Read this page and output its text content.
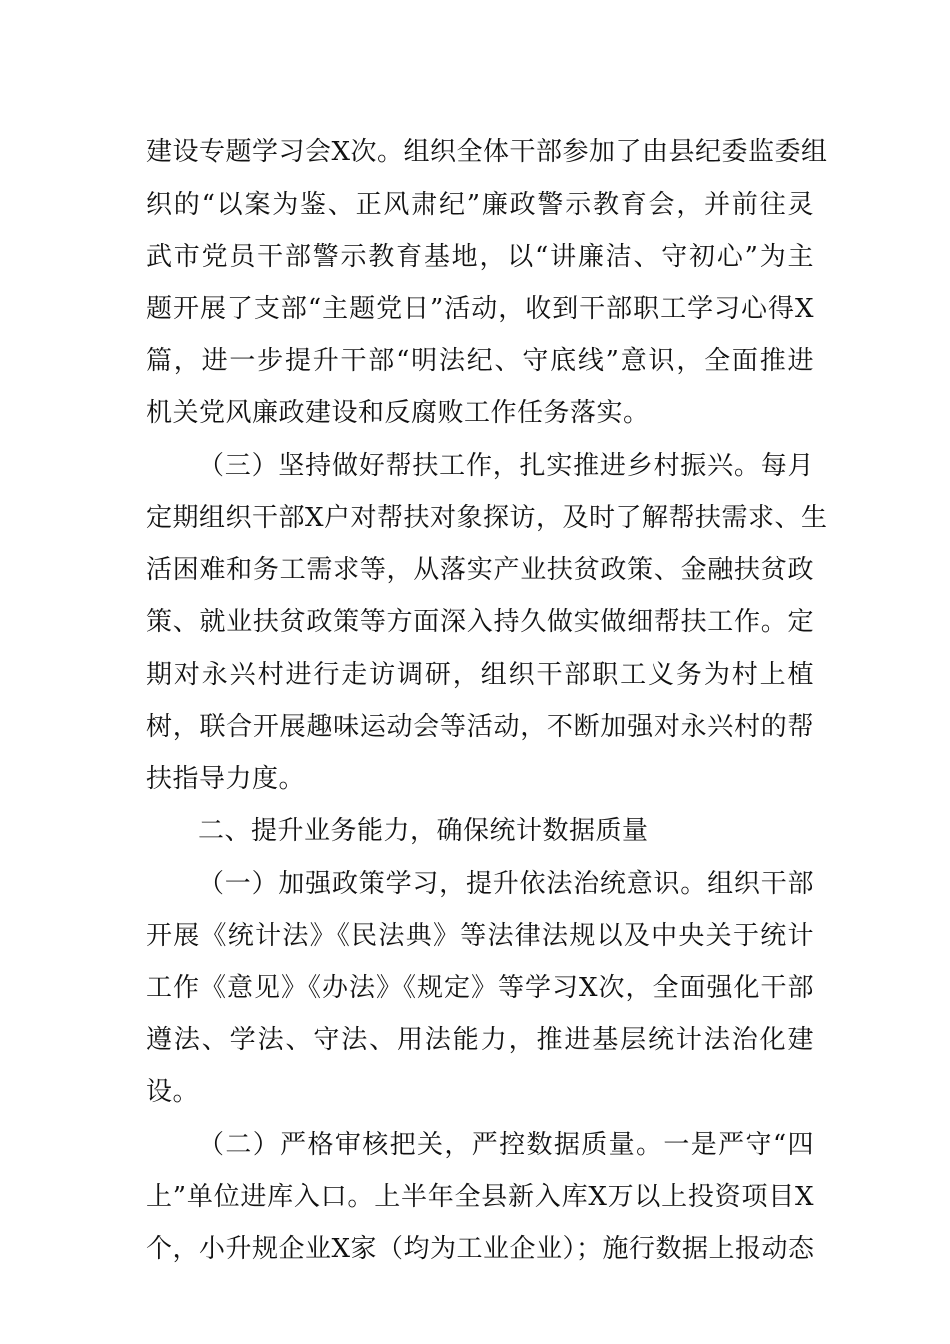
建设专题学习会X次。组织全体干部参加了由县纪委监委组
织的“以案为鉴、正风肃纪”廉政警示教育会，并前往灵
武市党员干部警示教育基地，以“讲廉洁、守初心”为主
题开展了支部“主题党日”活动，收到干部职工学习心得X
篇，进一步提升干部“明法纪、守底线”意识，全面推进
机关党风廉政建设和反腐败工作任务落实。
（三）坚持做好帮扶工作，扎实推进乡村振兴。每月
定期组织干部X户对帮扶对象探访，及时了解帮扶需求、生
活困难和务工需求等，从落实产业扶贫政策、金融扶贫政
策、就业扶贫政策等方面深入持久做实做细帮扶工作。定
期对永兴村进行走访调研，组织干部职工义务为村上植
树，联合开展趣味运动会等活动，不断加强对永兴村的帮
扶指导力度。
二、提升业务能力，确保统计数据质量
（一）加强政策学习，提升依法治统意识。组织干部
开展《统计法》《民法典》等法律法规以及中央关于统计
工作《意见》《办法》《规定》等学习X次，全面强化干部
遵法、学法、守法、用法能力，推进基层统计法治化建
设。
（二）严格审核把关，严控数据质量。一是严守“四
上”单位进库入口。上半年全县新入库X万以上投资项目X
个，小升规企业X家（均为工业企业）；施行数据上报动态
